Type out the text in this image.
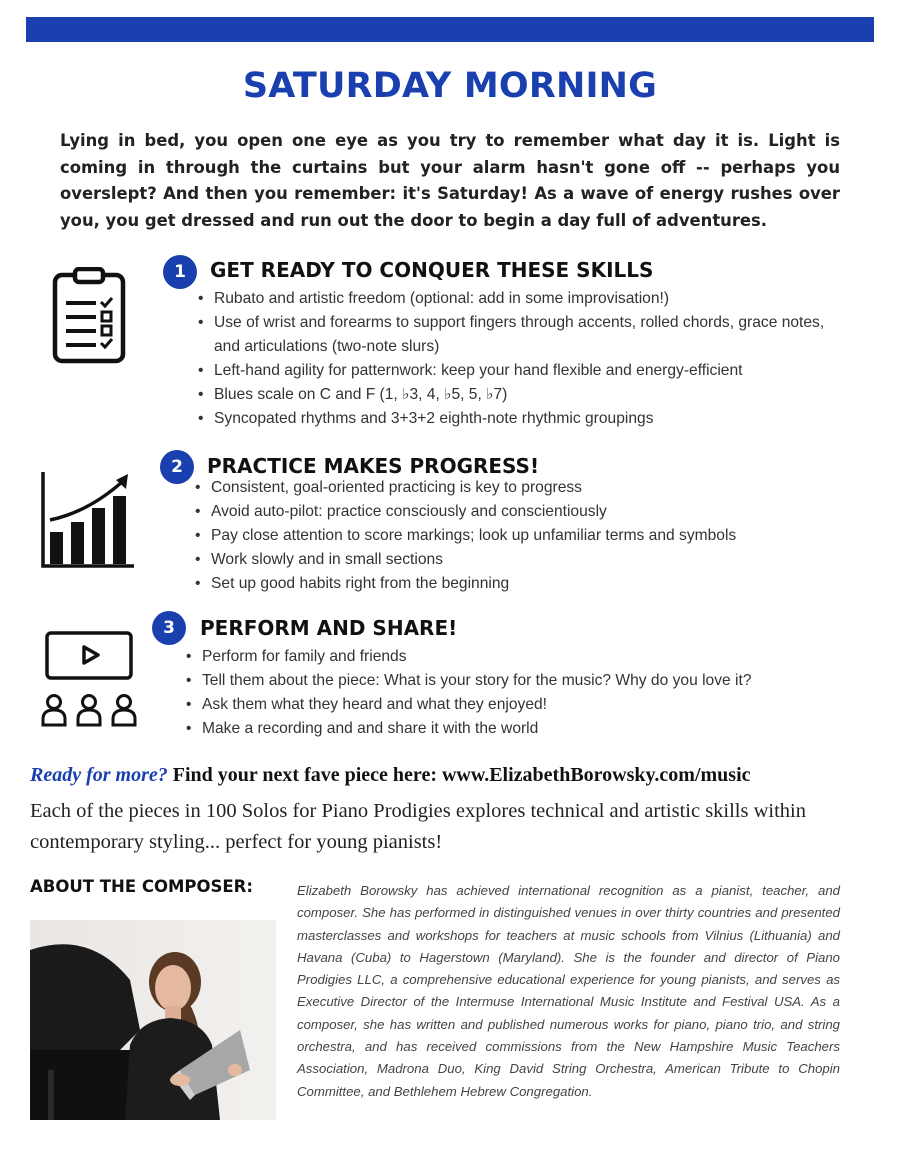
SATURDAY MORNING

Lying in bed, you open one eye as you try to remember what day it is. Light is coming in through the curtains but your alarm hasn't gone off -- perhaps you overslept? And then you remember: it's Saturday! As a wave of energy rushes over you, you get dressed and run out the door to begin a day full of adventures.

1	GET READY TO CONQUER THESE SKILLS
• Rubato and artistic freedom (optional: add in some improvisation!)
• Use of wrist and forearms to support fingers through accents, rolled chords, grace notes, and articulations (two-note slurs)
• Left-hand agility for patternwork: keep your hand flexible and energy-efficient
• Blues scale on C and F (1, ♭3, 4, ♭5, 5, ♭7)
• Syncopated rhythms and 3+3+2 eighth-note rhythmic groupings
2	PRACTICE MAKES PROGRESS!
• Consistent, goal-oriented practicing is key to progress
• Avoid auto-pilot: practice consciously and conscientiously
• Pay close attention to score markings; look up unfamiliar terms and symbols
• Work slowly and in small sections
• Set up good habits right from the beginning
3	PERFORM AND SHARE!
• Perform for family and friends
• Tell them about the piece: What is your story for the music? Why do you love it?
• Ask them what they heard and what they enjoyed!
• Make a recording and and share it with the world
Ready for more? Find your next fave piece here: www.ElizabethBorowsky.com/music

Each of the pieces in 100 Solos for Piano Prodigies explores technical and artistic skills within contemporary styling... perfect for young pianists!

ABOUT THE COMPOSER:	Elizabeth Borowsky has achieved international recognition as a pianist, teacher, and composer. She has performed in distinguished venues in over thirty countries and presented masterclasses and workshops for teachers at music schools from Vilnius (Lithuania) and Havana (Cuba) to Hagerstown (Maryland). She is the founder and director of Piano Prodigies LLC, a comprehensive educational experience for young pianists, and serves as Executive Director of the Intermuse International Music Institute and Festival USA. As a composer, she has written and published numerous works for piano, piano trio, and string orchestra, and has received commissions from the New Hampshire Music Teachers Association, Madrona Duo, King David String Orchestra, American Tribute to Chopin Committee, and Bethlehem Hebrew Congregation.
